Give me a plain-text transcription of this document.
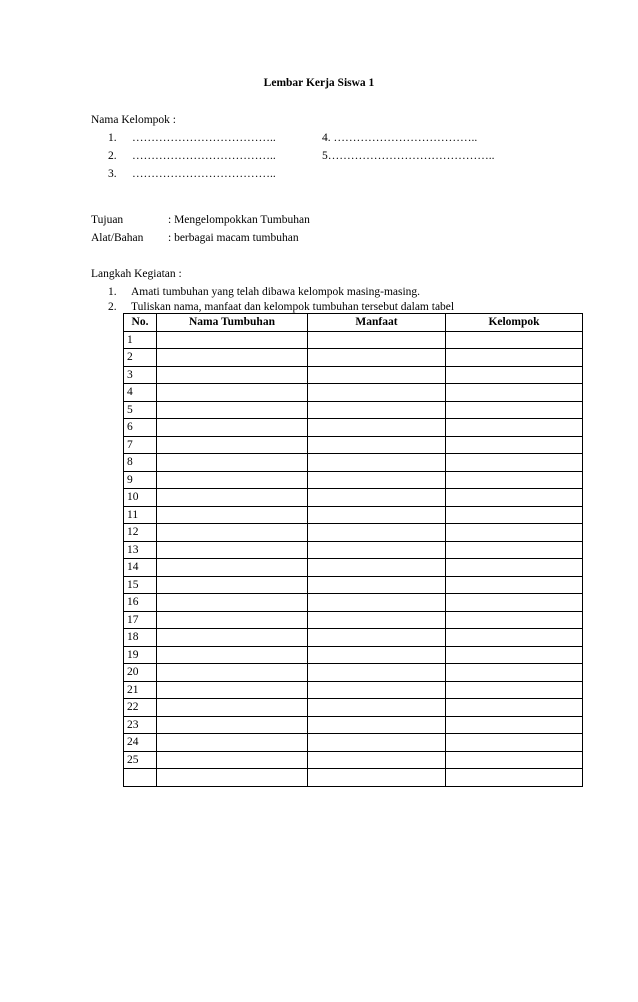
Lembar Kerja Siswa 1
Nama Kelompok :
1. ………………………………..
2. ………………………………..
3. ………………………………..
4. ………………………………..
5……………………………………..
Tujuan	: Mengelompokkan Tumbuhan
Alat/Bahan : berbagai macam tumbuhan
Langkah Kegiatan :
1. Amati tumbuhan yang telah dibawa kelompok masing-masing.
2. Tuliskan nama, manfaat dan kelompok tumbuhan tersebut dalam tabel
No.	Nama Tumbuhan	Manfaat	Kelompok
1			
2			
3			
4			
5			
6			
7			
8			
9			
10			
11			
12			
13			
14			
15			
16			
17			
18			
19			
20			
21			
22			
23			
24			
25			
